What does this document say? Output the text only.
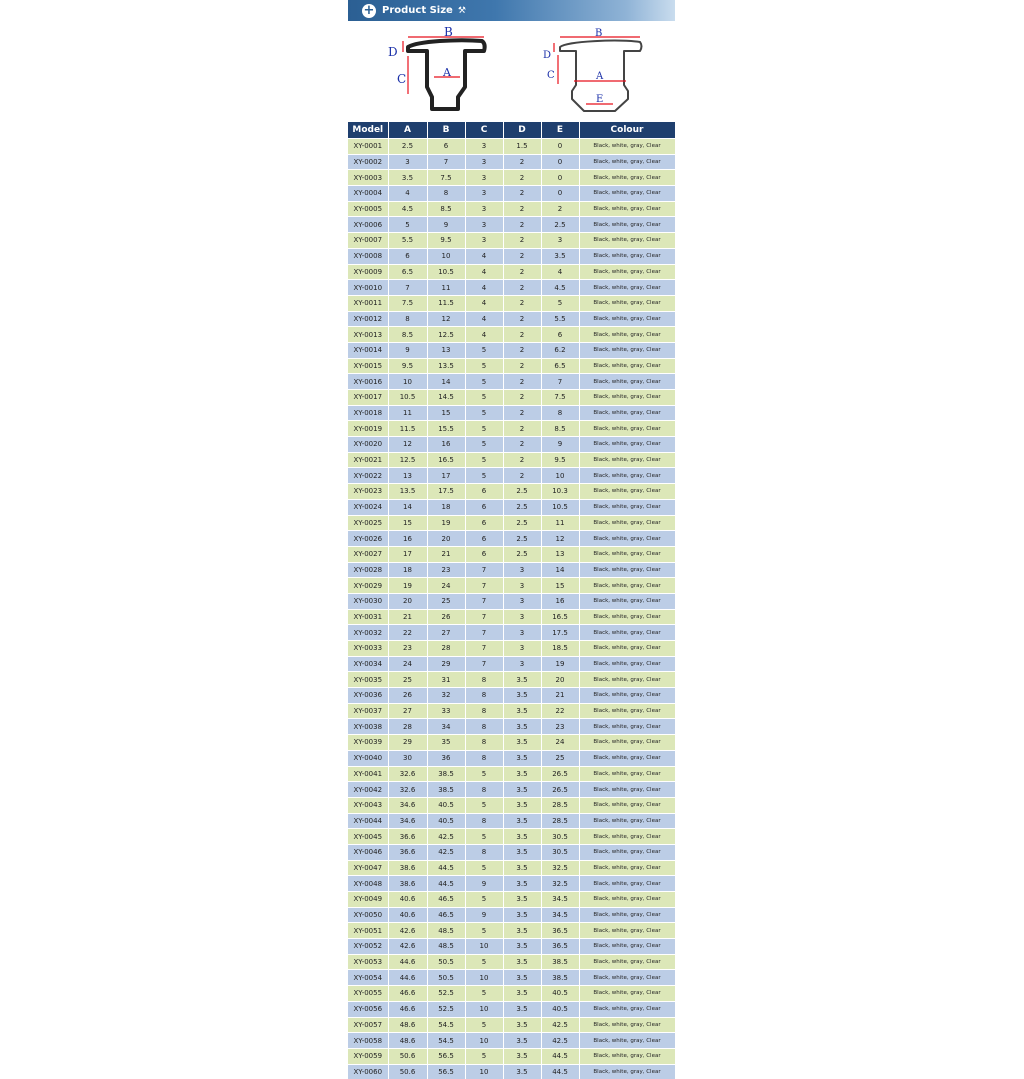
+ Product Size ⚒
B
D
C	A
B
D
C	A
E
Model	A	B	C	D	E	Colour
XY-0001	2.5	6	3	1.5	0	Black, white, gray, Clear
XY-0002	3	7	3	2	0	Black, white, gray, Clear
XY-0003	3.5	7.5	3	2	0	Black, white, gray, Clear
XY-0004	4	8	3	2	0	Black, white, gray, Clear
XY-0005	4.5	8.5	3	2	2	Black, white, gray, Clear
XY-0006	5	9	3	2	2.5	Black, white, gray, Clear
XY-0007	5.5	9.5	3	2	3	Black, white, gray, Clear
XY-0008	6	10	4	2	3.5	Black, white, gray, Clear
XY-0009	6.5	10.5	4	2	4	Black, white, gray, Clear
XY-0010	7	11	4	2	4.5	Black, white, gray, Clear
XY-0011	7.5	11.5	4	2	5	Black, white, gray, Clear
XY-0012	8	12	4	2	5.5	Black, white, gray, Clear
XY-0013	8.5	12.5	4	2	6	Black, white, gray, Clear
XY-0014	9	13	5	2	6.2	Black, white, gray, Clear
XY-0015	9.5	13.5	5	2	6.5	Black, white, gray, Clear
XY-0016	10	14	5	2	7	Black, white, gray, Clear
XY-0017	10.5	14.5	5	2	7.5	Black, white, gray, Clear
XY-0018	11	15	5	2	8	Black, white, gray, Clear
XY-0019	11.5	15.5	5	2	8.5	Black, white, gray, Clear
XY-0020	12	16	5	2	9	Black, white, gray, Clear
XY-0021	12.5	16.5	5	2	9.5	Black, white, gray, Clear
XY-0022	13	17	5	2	10	Black, white, gray, Clear
XY-0023	13.5	17.5	6	2.5	10.3	Black, white, gray, Clear
XY-0024	14	18	6	2.5	10.5	Black, white, gray, Clear
XY-0025	15	19	6	2.5	11	Black, white, gray, Clear
XY-0026	16	20	6	2.5	12	Black, white, gray, Clear
XY-0027	17	21	6	2.5	13	Black, white, gray, Clear
XY-0028	18	23	7	3	14	Black, white, gray, Clear
XY-0029	19	24	7	3	15	Black, white, gray, Clear
XY-0030	20	25	7	3	16	Black, white, gray, Clear
XY-0031	21	26	7	3	16.5	Black, white, gray, Clear
XY-0032	22	27	7	3	17.5	Black, white, gray, Clear
XY-0033	23	28	7	3	18.5	Black, white, gray, Clear
XY-0034	24	29	7	3	19	Black, white, gray, Clear
XY-0035	25	31	8	3.5	20	Black, white, gray, Clear
XY-0036	26	32	8	3.5	21	Black, white, gray, Clear
XY-0037	27	33	8	3.5	22	Black, white, gray, Clear
XY-0038	28	34	8	3.5	23	Black, white, gray, Clear
XY-0039	29	35	8	3.5	24	Black, white, gray, Clear
XY-0040	30	36	8	3.5	25	Black, white, gray, Clear
XY-0041	32.6	38.5	5	3.5	26.5	Black, white, gray, Clear
XY-0042	32.6	38.5	8	3.5	26.5	Black, white, gray, Clear
XY-0043	34.6	40.5	5	3.5	28.5	Black, white, gray, Clear
XY-0044	34.6	40.5	8	3.5	28.5	Black, white, gray, Clear
XY-0045	36.6	42.5	5	3.5	30.5	Black, white, gray, Clear
XY-0046	36.6	42.5	8	3.5	30.5	Black, white, gray, Clear
XY-0047	38.6	44.5	5	3.5	32.5	Black, white, gray, Clear
XY-0048	38.6	44.5	9	3.5	32.5	Black, white, gray, Clear
XY-0049	40.6	46.5	5	3.5	34.5	Black, white, gray, Clear
XY-0050	40.6	46.5	9	3.5	34.5	Black, white, gray, Clear
XY-0051	42.6	48.5	5	3.5	36.5	Black, white, gray, Clear
XY-0052	42.6	48.5	10	3.5	36.5	Black, white, gray, Clear
XY-0053	44.6	50.5	5	3.5	38.5	Black, white, gray, Clear
XY-0054	44.6	50.5	10	3.5	38.5	Black, white, gray, Clear
XY-0055	46.6	52.5	5	3.5	40.5	Black, white, gray, Clear
XY-0056	46.6	52.5	10	3.5	40.5	Black, white, gray, Clear
XY-0057	48.6	54.5	5	3.5	42.5	Black, white, gray, Clear
XY-0058	48.6	54.5	10	3.5	42.5	Black, white, gray, Clear
XY-0059	50.6	56.5	5	3.5	44.5	Black, white, gray, Clear
XY-0060	50.6	56.5	10	3.5	44.5	Black, white, gray, Clear
